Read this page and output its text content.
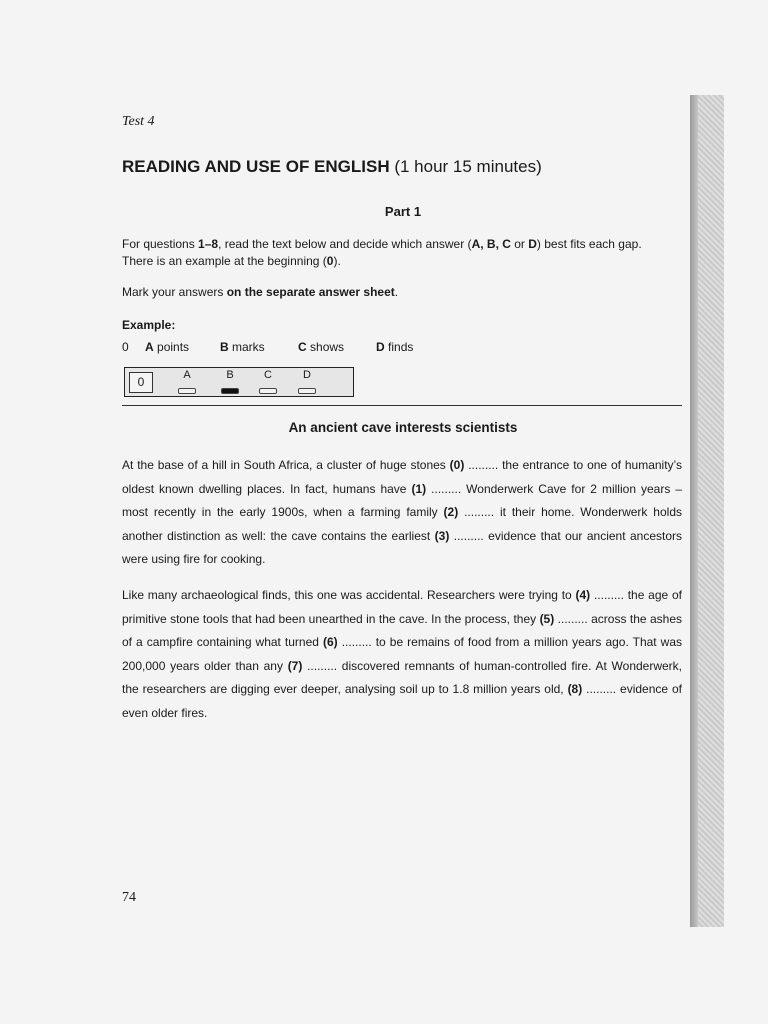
Test 4
READING AND USE OF ENGLISH (1 hour 15 minutes)
Part 1
For questions 1–8, read the text below and decide which answer (A, B, C or D) best fits each gap.
There is an example at the beginning (0).
Mark your answers on the separate answer sheet.
Example:
0 A points	B marks	C shows	D finds
0	A	B	C	D
An ancient cave interests scientists

At the base of a hill in South Africa, a cluster of huge stones (0) ......... the entrance to one of humanity’s oldest known dwelling places. In fact, humans have (1) ......... Wonderwerk Cave for 2 million years – most recently in the early 1900s, when a farming family (2) ......... it their home. Wonderwerk holds another distinction as well: the cave contains the earliest (3) ......... evidence that our ancient ancestors were using fire for cooking.

Like many archaeological finds, this one was accidental. Researchers were trying to (4) ......... the age of primitive stone tools that had been unearthed in the cave. In the process, they (5) ......... across the ashes of a campfire containing what turned (6) ......... to be remains of food from a million years ago. That was 200,000 years older than any (7) ......... discovered remnants of human-controlled fire. At Wonderwerk, the researchers are digging ever deeper, analysing soil up to 1.8 million years old, (8) ......... evidence of even older fires.

74
